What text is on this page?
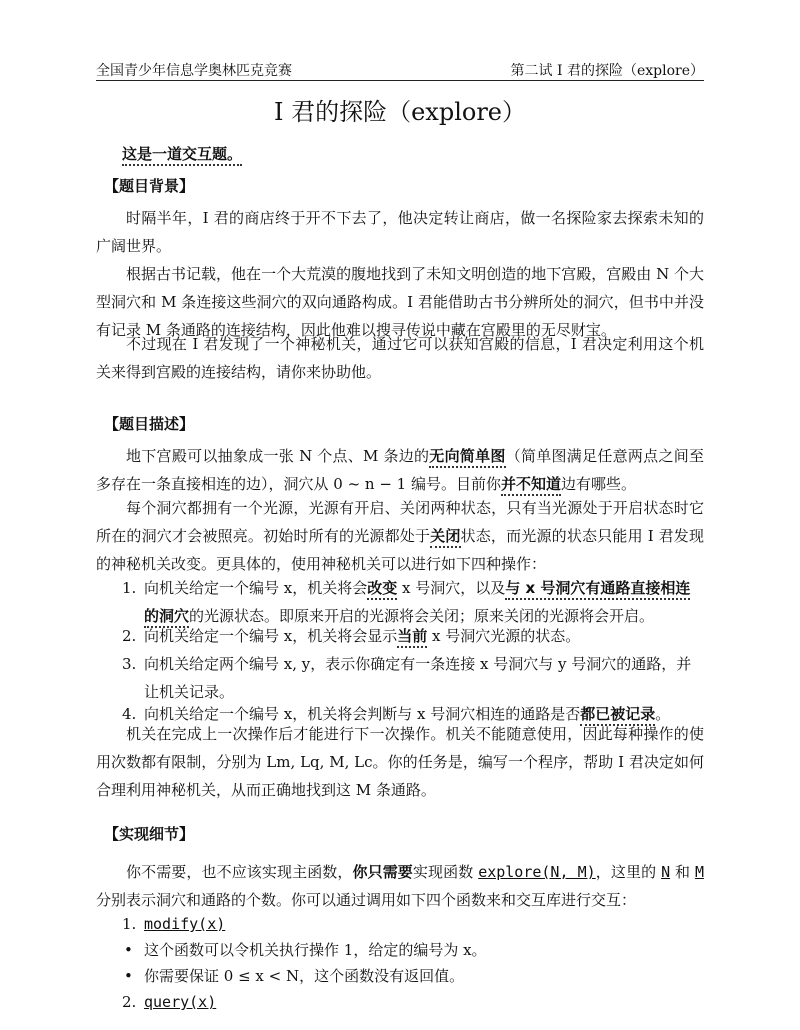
全国青少年信息学奥林匹克竞赛	第二试 I 君的探险（explore）
I 君的探险（explore）
这是一道交互题。
【题目背景】
时隔半年，I 君的商店终于开不下去了，他决定转让商店，做一名探险家去探索未知的广阔世界。
根据古书记载，他在一个大荒漠的腹地找到了未知文明创造的地下宫殿，宫殿由 N 个大型洞穴和 M 条连接这些洞穴的双向通路构成。I 君能借助古书分辨所处的洞穴，但书中并没有记录 M 条通路的连接结构，因此他难以搜寻传说中藏在宫殿里的无尽财宝。
不过现在 I 君发现了一个神秘机关，通过它可以获知宫殿的信息，I 君决定利用这个机关来得到宫殿的连接结构，请你来协助他。
【题目描述】
地下宫殿可以抽象成一张 N 个点、M 条边的无向简单图（简单图满足任意两点之间至多存在一条直接相连的边），洞穴从 0 ~ n − 1 编号。目前你并不知道边有哪些。
每个洞穴都拥有一个光源，光源有开启、关闭两种状态，只有当光源处于开启状态时它所在的洞穴才会被照亮。初始时所有的光源都处于关闭状态，而光源的状态只能用 I 君发现的神秘机关改变。更具体的，使用神秘机关可以进行如下四种操作：
1. 向机关给定一个编号 x，机关将会改变 x 号洞穴，以及与 x 号洞穴有通路直接相连的洞穴的光源状态。即原来开启的光源将会关闭；原来关闭的光源将会开启。
2. 向机关给定一个编号 x，机关将会显示当前 x 号洞穴光源的状态。
3. 向机关给定两个编号 x, y，表示你确定有一条连接 x 号洞穴与 y 号洞穴的通路，并让机关记录。
4. 向机关给定一个编号 x，机关将会判断与 x 号洞穴相连的通路是否都已被记录。
机关在完成上一次操作后才能进行下一次操作。机关不能随意使用，因此每种操作的使用次数都有限制，分别为 Lm, Lq, M, Lc。你的任务是，编写一个程序，帮助 I 君决定如何合理利用神秘机关，从而正确地找到这 M 条通路。
【实现细节】
你不需要，也不应该实现主函数，你只需要实现函数 explore(N, M)，这里的 N 和 M 分别表示洞穴和通路的个数。你可以通过调用如下四个函数来和交互库进行交互：
1. modify(x)
• 这个函数可以令机关执行操作 1，给定的编号为 x。
• 你需要保证 0 ≤ x < N，这个函数没有返回值。
2. query(x)
